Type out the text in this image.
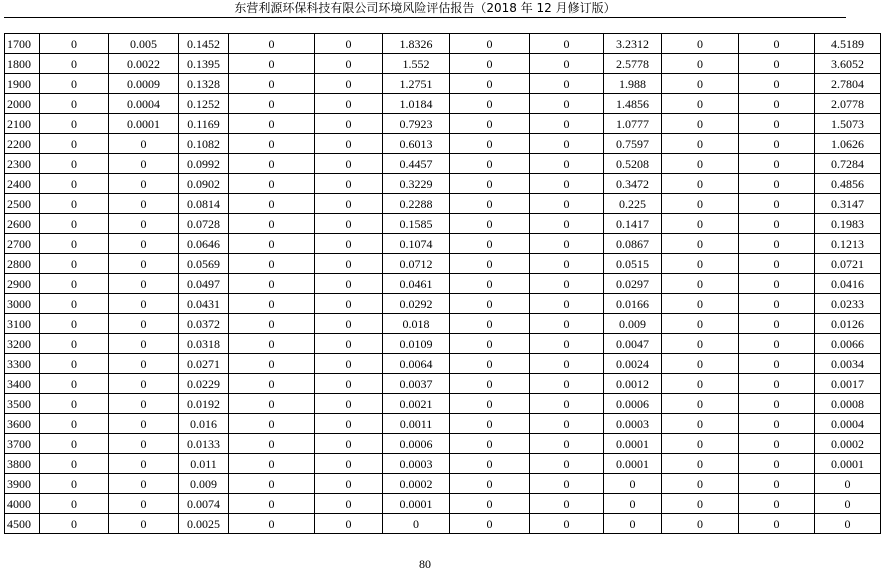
东营利源环保科技有限公司环境风险评估报告（2018 年 12 月修订版）
1700	0	0.005	0.1452	0	0	1.8326	0	0	3.2312	0	0	4.5189
1800	0	0.0022	0.1395	0	0	1.552	0	0	2.5778	0	0	3.6052
1900	0	0.0009	0.1328	0	0	1.2751	0	0	1.988	0	0	2.7804
2000	0	0.0004	0.1252	0	0	1.0184	0	0	1.4856	0	0	2.0778
2100	0	0.0001	0.1169	0	0	0.7923	0	0	1.0777	0	0	1.5073
2200	0	0	0.1082	0	0	0.6013	0	0	0.7597	0	0	1.0626
2300	0	0	0.0992	0	0	0.4457	0	0	0.5208	0	0	0.7284
2400	0	0	0.0902	0	0	0.3229	0	0	0.3472	0	0	0.4856
2500	0	0	0.0814	0	0	0.2288	0	0	0.225	0	0	0.3147
2600	0	0	0.0728	0	0	0.1585	0	0	0.1417	0	0	0.1983
2700	0	0	0.0646	0	0	0.1074	0	0	0.0867	0	0	0.1213
2800	0	0	0.0569	0	0	0.0712	0	0	0.0515	0	0	0.0721
2900	0	0	0.0497	0	0	0.0461	0	0	0.0297	0	0	0.0416
3000	0	0	0.0431	0	0	0.0292	0	0	0.0166	0	0	0.0233
3100	0	0	0.0372	0	0	0.018	0	0	0.009	0	0	0.0126
3200	0	0	0.0318	0	0	0.0109	0	0	0.0047	0	0	0.0066
3300	0	0	0.0271	0	0	0.0064	0	0	0.0024	0	0	0.0034
3400	0	0	0.0229	0	0	0.0037	0	0	0.0012	0	0	0.0017
3500	0	0	0.0192	0	0	0.0021	0	0	0.0006	0	0	0.0008
3600	0	0	0.016	0	0	0.0011	0	0	0.0003	0	0	0.0004
3700	0	0	0.0133	0	0	0.0006	0	0	0.0001	0	0	0.0002
3800	0	0	0.011	0	0	0.0003	0	0	0.0001	0	0	0.0001
3900	0	0	0.009	0	0	0.0002	0	0	0	0	0	0
4000	0	0	0.0074	0	0	0.0001	0	0	0	0	0	0
4500	0	0	0.0025	0	0	0	0	0	0	0	0	0
80
